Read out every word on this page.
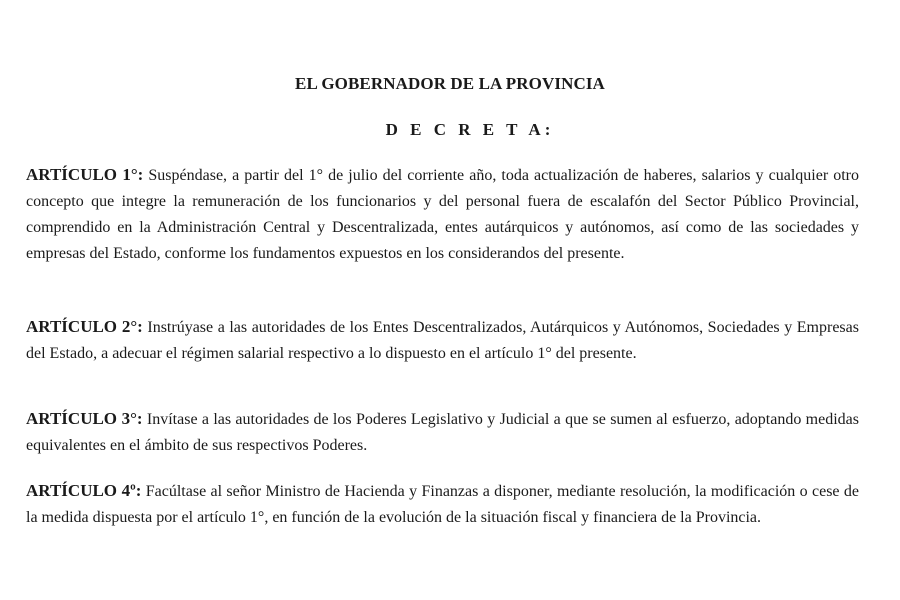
EL GOBERNADOR DE LA PROVINCIA
D E C R E T A:

ARTÍCULO 1°: Suspéndase, a partir del 1° de julio del corriente año, toda actualización de haberes, salarios y cualquier otro concepto que integre la remuneración de los funcionarios y del personal fuera de escalafón del Sector Público Provincial, comprendido en la Administración Central y Descentralizada, entes autárquicos y autónomos, así como de las sociedades y empresas del Estado, conforme los fundamentos expuestos en los considerandos del presente.

ARTÍCULO 2°: Instrúyase a las autoridades de los Entes Descentralizados, Autárquicos y Autónomos, Sociedades y Empresas del Estado, a adecuar el régimen salarial respectivo a lo dispuesto en el artículo 1° del presente.

ARTÍCULO 3°: Invítase a las autoridades de los Poderes Legislativo y Judicial a que se sumen al esfuerzo, adoptando medidas equivalentes en el ámbito de sus respectivos Poderes.

ARTÍCULO 4º: Facúltase al señor Ministro de Hacienda y Finanzas a disponer, mediante resolución, la modificación o cese de la medida dispuesta por el artículo 1°, en función de la evolución de la situación fiscal y financiera de la Provincia.
